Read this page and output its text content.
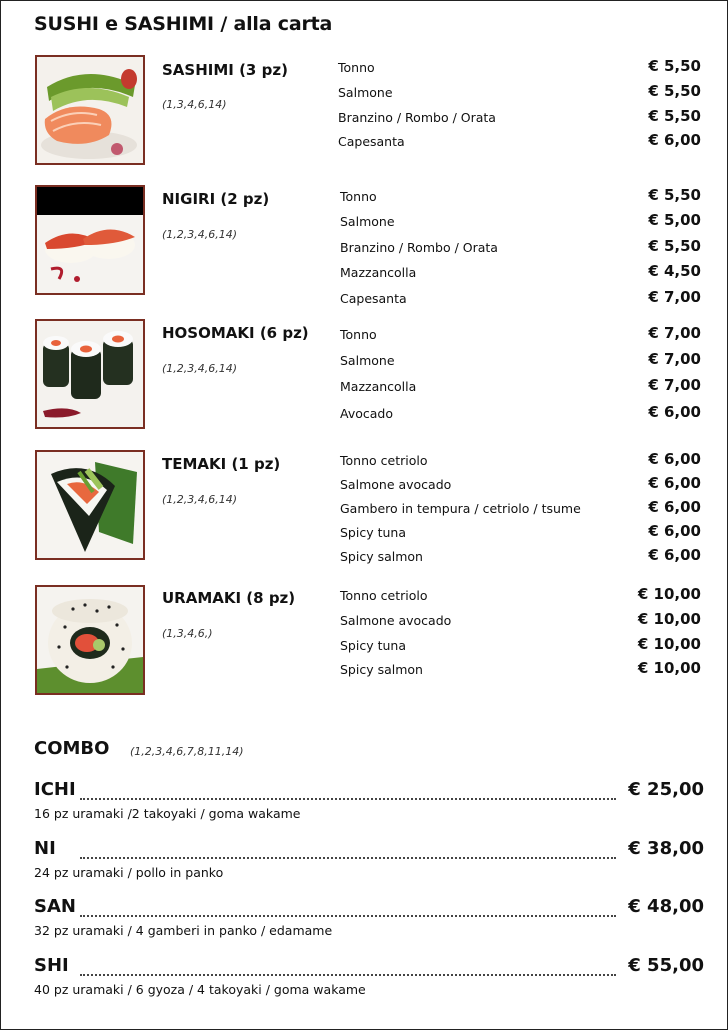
SUSHI e SASHIMI / alla carta
SASHIMI (3 pz)
(1,3,4,6,14)
Tonno	€ 5,50
Salmone	€ 5,50
Branzino / Rombo / Orata	€ 5,50
Capesanta	€ 6,00
NIGIRI (2 pz)
(1,2,3,4,6,14)
Tonno	€ 5,50
Salmone	€ 5,00
Branzino / Rombo / Orata	€ 5,50
Mazzancolla	€ 4,50
Capesanta	€ 7,00
HOSOMAKI (6 pz)
(1,2,3,4,6,14)
Tonno	€ 7,00
Salmone	€ 7,00
Mazzancolla	€ 7,00
Avocado	€ 6,00
TEMAKI (1 pz)
(1,2,3,4,6,14)
Tonno cetriolo	€ 6,00
Salmone avocado	€ 6,00
Gambero in tempura / cetriolo / tsume	€ 6,00
Spicy tuna	€ 6,00
Spicy salmon	€ 6,00
URAMAKI (8 pz)
(1,3,4,6,)
Tonno cetriolo	€ 10,00
Salmone avocado	€ 10,00
Spicy tuna	€ 10,00
Spicy salmon	€ 10,00
COMBO (1,2,3,4,6,7,8,11,14)
ICHI	€ 25,00
16 pz uramaki /2 takoyaki / goma wakame
NI	€ 38,00
24 pz uramaki / pollo in panko
SAN	€ 48,00
32 pz uramaki / 4 gamberi in panko / edamame
SHI	€ 55,00
40 pz uramaki / 6 gyoza / 4 takoyaki / goma wakame
